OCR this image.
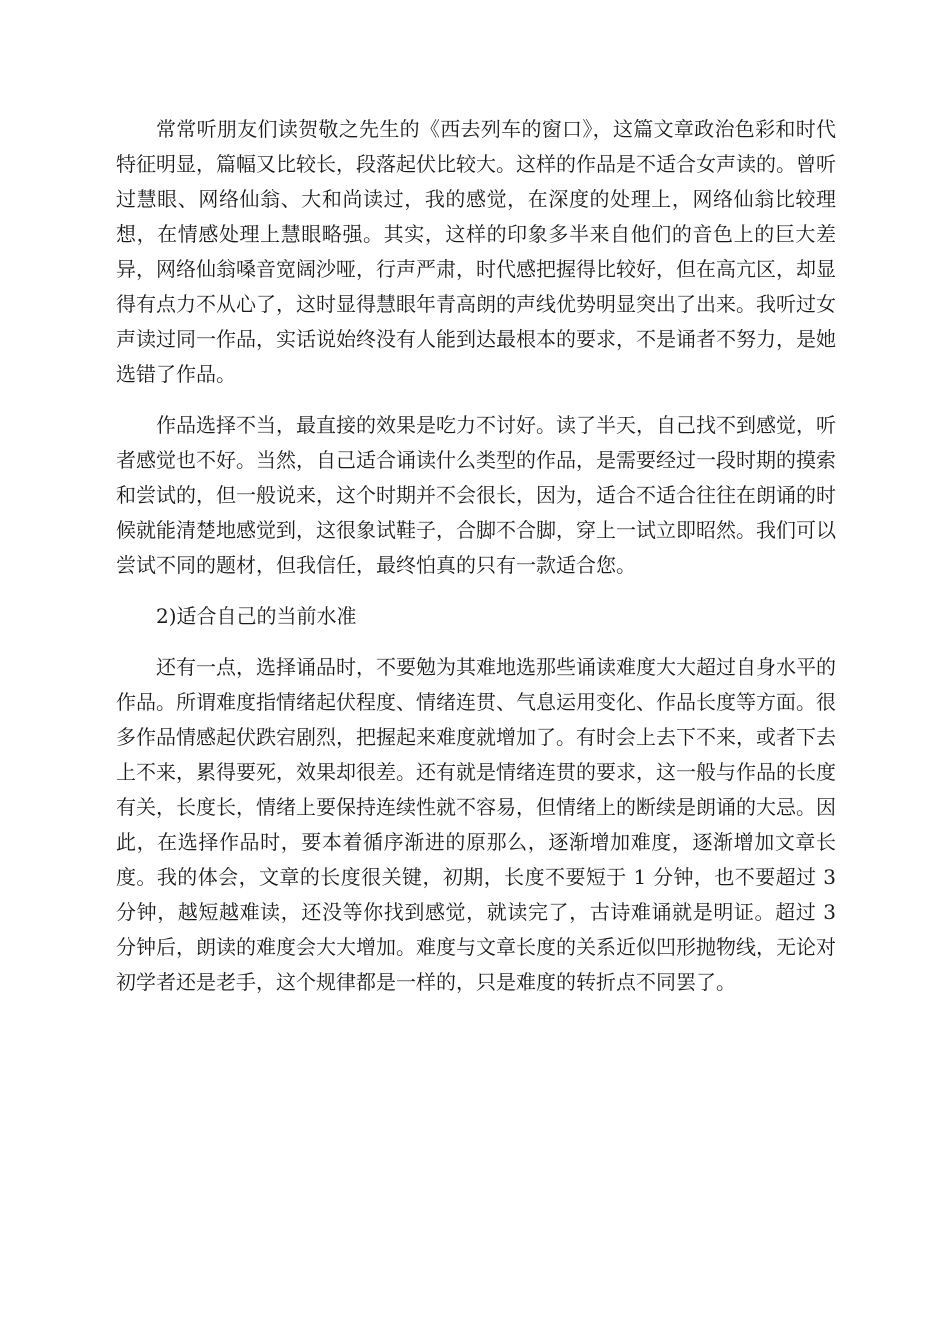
常常听朋友们读贺敬之先生的《西去列车的窗口》，这篇文章政治色彩和时代特征明显，篇幅又比较长，段落起伏比较大。这样的作品是不适合女声读的。曾听过慧眼、网络仙翁、大和尚读过，我的感觉，在深度的处理上，网络仙翁比较理想，在情感处理上慧眼略强。其实，这样的印象多半来自他们的音色上的巨大差异，网络仙翁嗓音宽阔沙哑，行声严肃，时代感把握得比较好，但在高亢区，却显得有点力不从心了，这时显得慧眼年青高朗的声线优势明显突出了出来。我听过女声读过同一作品，实话说始终没有人能到达最根本的要求，不是诵者不努力，是她选错了作品。

作品选择不当，最直接的效果是吃力不讨好。读了半天，自己找不到感觉，听者感觉也不好。当然，自己适合诵读什么类型的作品，是需要经过一段时期的摸索和尝试的，但一般说来，这个时期并不会很长，因为，适合不适合往往在朗诵的时候就能清楚地感觉到，这很象试鞋子，合脚不合脚，穿上一试立即昭然。我们可以尝试不同的题材，但我信任，最终怕真的只有一款适合您。

2)适合自己的当前水准

还有一点，选择诵品时，不要勉为其难地选那些诵读难度大大超过自身水平的作品。所谓难度指情绪起伏程度、情绪连贯、气息运用变化、作品长度等方面。很多作品情感起伏跌宕剧烈，把握起来难度就增加了。有时会上去下不来，或者下去上不来，累得要死，效果却很差。还有就是情绪连贯的要求，这一般与作品的长度有关，长度长，情绪上要保持连续性就不容易，但情绪上的断续是朗诵的大忌。因此，在选择作品时，要本着循序渐进的原那么，逐渐增加难度，逐渐增加文章长度。我的体会，文章的长度很关键，初期，长度不要短于 1 分钟，也不要超过 3 分钟，越短越难读，还没等你找到感觉，就读完了，古诗难诵就是明证。超过 3 分钟后，朗读的难度会大大增加。难度与文章长度的关系近似凹形抛物线，无论对初学者还是老手，这个规律都是一样的，只是难度的转折点不同罢了。
